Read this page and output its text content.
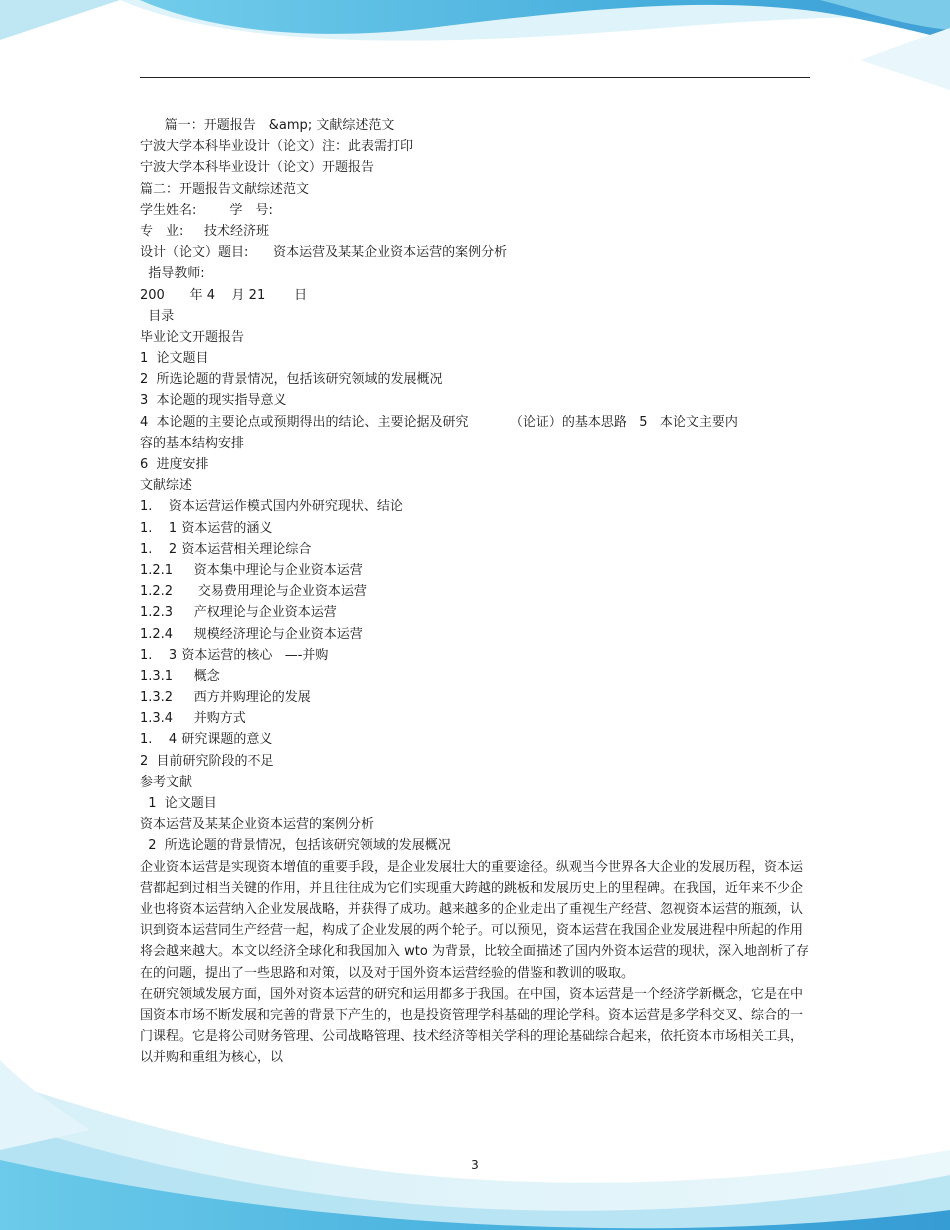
篇一：开题报告　&amp; 文献综述范文
宁波大学本科毕业设计（论文）注：此表需打印
宁波大学本科毕业设计（论文）开题报告
篇二：开题报告文献综述范文
学生姓名:        学　号:
专　业:     技术经济班
设计（论文）题目:      资本运营及某某企业资本运营的案例分析
指导教师:
200      年 4    月 21       日
目录
毕业论文开题报告
1  论文题目
2  所选论题的背景情况，包括该研究领域的发展概况
3  本论题的现实指导意义
4  本论题的主要论点或预期得出的结论、主要论据及研究          （论证）的基本思路   5   本论文主要内
容的基本结构安排
6  进度安排
文献综述
1.    资本运营运作模式国内外研究现状、结论
1.    1 资本运营的涵义
1.    2 资本运营相关理论综合
1.2.1     资本集中理论与企业资本运营
1.2.2      交易费用理论与企业资本运营
1.2.3     产权理论与企业资本运营
1.2.4     规模经济理论与企业资本运营
1.    3 资本运营的核心   —-并购
1.3.1     概念
1.3.2     西方并购理论的发展
1.3.4     并购方式
1.    4 研究课题的意义
2  目前研究阶段的不足
参考文献
1  论文题目
资本运营及某某企业资本运营的案例分析
2  所选论题的背景情况，包括该研究领域的发展概况
企业资本运营是实现资本增值的重要手段，是企业发展壮大的重要途径。纵观当今世界各大企业的发展历程，资本运营都起到过相当关键的作用，并且往往成为它们实现重大跨越的跳板和发展历史上的里程碑。在我国，近年来不少企业也将资本运营纳入企业发展战略，并获得了成功。越来越多的企业走出了重视生产经营、忽视资本运营的瓶颈，认识到资本运营同生产经营一起，构成了企业发展的两个轮子。可以预见，资本运营在我国企业发展进程中所起的作用将会越来越大。本文以经济全球化和我国加入 wto 为背景，比较全面描述了国内外资本运营的现状，深入地剖析了存在的问题，提出了一些思路和对策，以及对于国外资本运营经验的借鉴和教训的吸取。
在研究领域发展方面，国外对资本运营的研究和运用都多于我国。在中国，资本运营是一个经济学新概念，它是在中国资本市场不断发展和完善的背景下产生的，也是投资管理学科基础的理论学科。资本运营是多学科交叉、综合的一门课程。它是将公司财务管理、公司战略管理、技术经济等相关学科的理论基础综合起来，依托资本市场相关工具，以并购和重组为核心，以
3
